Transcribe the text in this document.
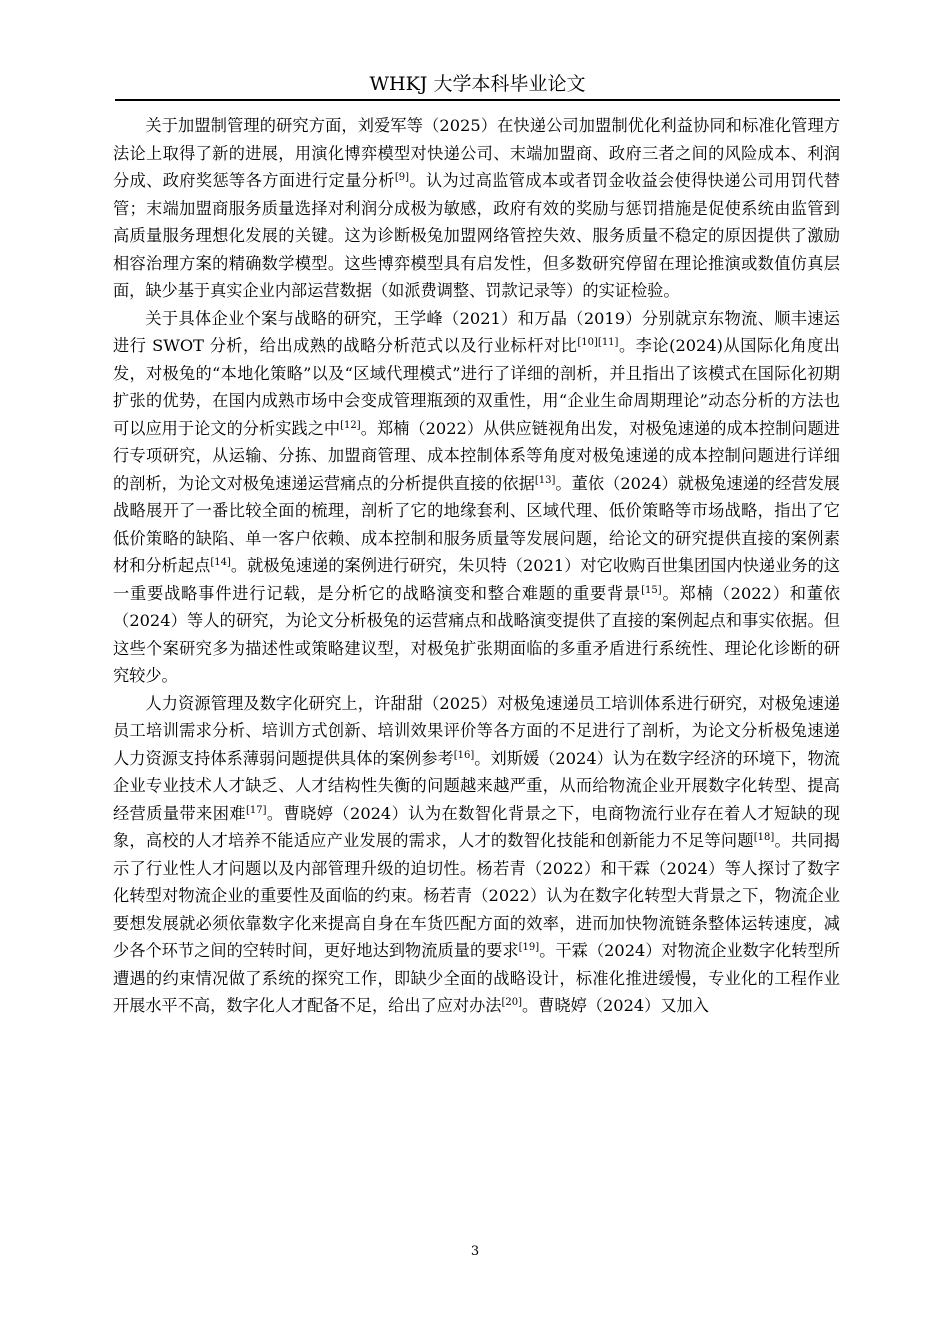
WHKJ 大学本科毕业论文

关于加盟制管理的研究方面，刘爱军等（2025）在快递公司加盟制优化利益协同和标准化管理方法论上取得了新的进展，用演化博弈模型对快递公司、末端加盟商、政府三者之间的风险成本、利润分成、政府奖惩等各方面进行定量分析[9]。认为过高监管成本或者罚金收益会使得快递公司用罚代替管；末端加盟商服务质量选择对利润分成极为敏感，政府有效的奖励与惩罚措施是促使系统由监管到高质量服务理想化发展的关键。这为诊断极兔加盟网络管控失效、服务质量不稳定的原因提供了激励相容治理方案的精确数学模型。这些博弈模型具有启发性，但多数研究停留在理论推演或数值仿真层面，缺少基于真实企业内部运营数据（如派费调整、罚款记录等）的实证检验。

关于具体企业个案与战略的研究，王学峰（2021）和万晶（2019）分别就京东物流、顺丰速运进行 SWOT 分析，给出成熟的战略分析范式以及行业标杆对比[10][11]。李论(2024)从国际化角度出发，对极兔的“本地化策略”以及“区域代理模式”进行了详细的剖析，并且指出了该模式在国际化初期扩张的优势，在国内成熟市场中会变成管理瓶颈的双重性，用“企业生命周期理论”动态分析的方法也可以应用于论文的分析实践之中[12]。郑楠（2022）从供应链视角出发，对极兔速递的成本控制问题进行专项研究，从运输、分拣、加盟商管理、成本控制体系等角度对极兔速递的成本控制问题进行详细的剖析，为论文对极兔速递运营痛点的分析提供直接的依据[13]。董依（2024）就极兔速递的经营发展战略展开了一番比较全面的梳理，剖析了它的地缘套利、区域代理、低价策略等市场战略，指出了它低价策略的缺陷、单一客户依赖、成本控制和服务质量等发展问题，给论文的研究提供直接的案例素材和分析起点[14]。就极兔速递的案例进行研究，朱贝特（2021）对它收购百世集团国内快递业务的这一重要战略事件进行记载，是分析它的战略演变和整合难题的重要背景[15]。郑楠（2022）和董依（2024）等人的研究，为论文分析极兔的运营痛点和战略演变提供了直接的案例起点和事实依据。但这些个案研究多为描述性或策略建议型，对极兔扩张期面临的多重矛盾进行系统性、理论化诊断的研究较少。

人力资源管理及数字化研究上，许甜甜（2025）对极兔速递员工培训体系进行研究，对极兔速递员工培训需求分析、培训方式创新、培训效果评价等各方面的不足进行了剖析，为论文分析极兔速递人力资源支持体系薄弱问题提供具体的案例参考[16]。刘斯媛（2024）认为在数字经济的环境下，物流企业专业技术人才缺乏、人才结构性失衡的问题越来越严重，从而给物流企业开展数字化转型、提高经营质量带来困难[17]。曹晓婷（2024）认为在数智化背景之下，电商物流行业存在着人才短缺的现象，高校的人才培养不能适应产业发展的需求，人才的数智化技能和创新能力不足等问题[18]。共同揭示了行业性人才问题以及内部管理升级的迫切性。杨若青（2022）和干霖（2024）等人探讨了数字化转型对物流企业的重要性及面临的约束。杨若青（2022）认为在数字化转型大背景之下，物流企业要想发展就必须依靠数字化来提高自身在车货匹配方面的效率，进而加快物流链条整体运转速度，减少各个环节之间的空转时间，更好地达到物流质量的要求[19]。干霖（2024）对物流企业数字化转型所遭遇的约束情况做了系统的探究工作，即缺少全面的战略设计，标准化推进缓慢，专业化的工程作业开展水平不高，数字化人才配备不足，给出了应对办法[20]。曹晓婷（2024）又加入

3
